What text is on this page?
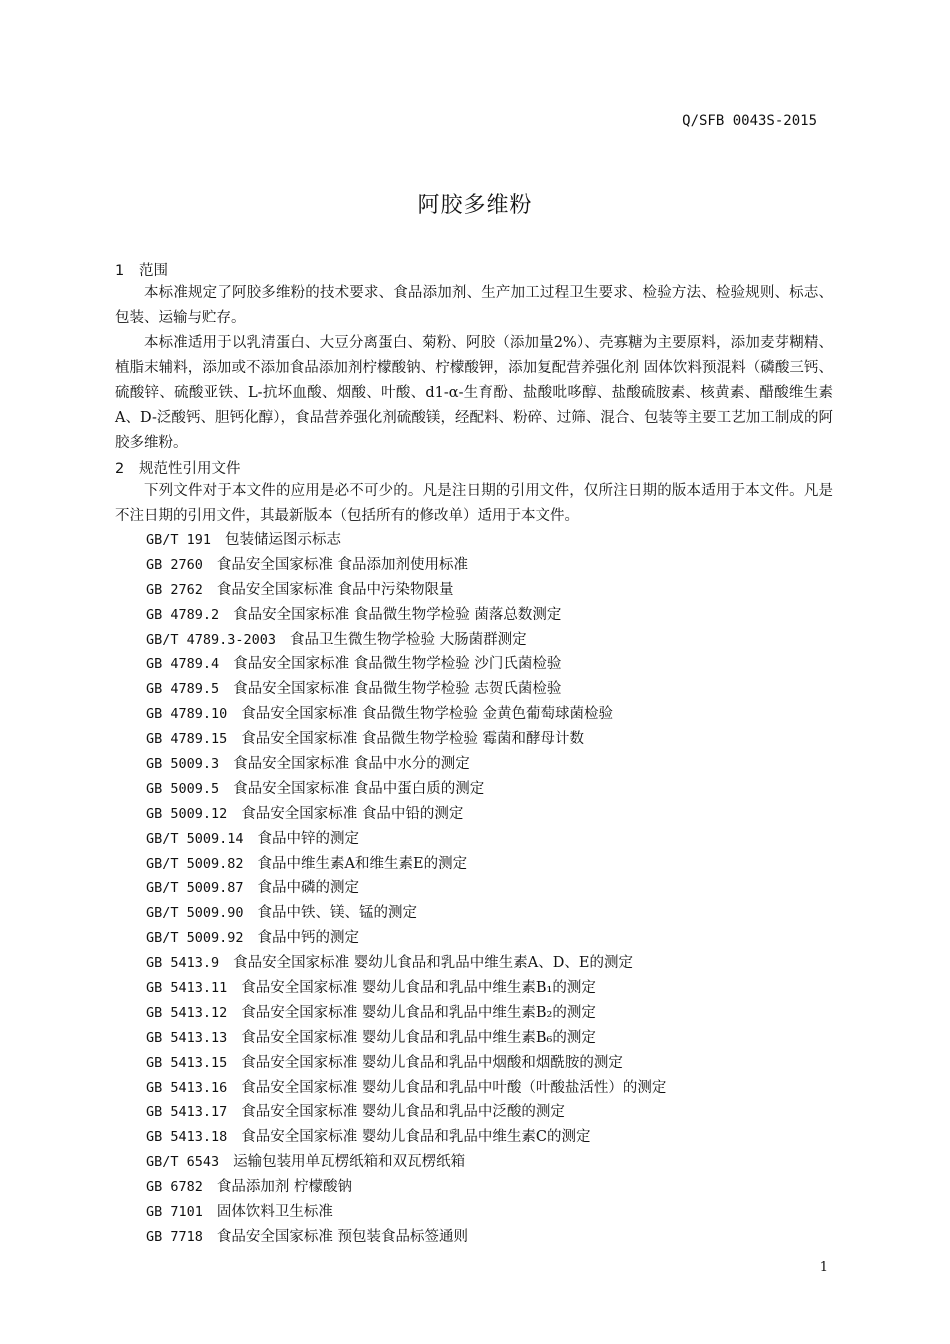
Q/SFB 0043S-2015
阿胶多维粉
1 范围
本标准规定了阿胶多维粉的技术要求、食品添加剂、生产加工过程卫生要求、检验方法、检验规则、标志、包装、运输与贮存。
本标准适用于以乳清蛋白、大豆分离蛋白、菊粉、阿胶（添加量2%）、壳寡糖为主要原料，添加麦芽糊精、植脂末辅料，添加或不添加食品添加剂柠檬酸钠、柠檬酸钾，添加复配营养强化剂 固体饮料预混料（磷酸三钙、硫酸锌、硫酸亚铁、L-抗坏血酸、烟酸、叶酸、d1-α-生育酚、盐酸吡哆醇、盐酸硫胺素、核黄素、醋酸维生素A、D-泛酸钙、胆钙化醇），食品营养强化剂硫酸镁，经配料、粉碎、过筛、混合、包装等主要工艺加工制成的阿胶多维粉。
2 规范性引用文件
下列文件对于本文件的应用是必不可少的。凡是注日期的引用文件，仅所注日期的版本适用于本文件。凡是不注日期的引用文件，其最新版本（包括所有的修改单）适用于本文件。
GB/T 191 包装储运图示标志
GB 2760 食品安全国家标准 食品添加剂使用标准
GB 2762 食品安全国家标准 食品中污染物限量
GB 4789.2 食品安全国家标准 食品微生物学检验 菌落总数测定
GB/T 4789.3-2003 食品卫生微生物学检验 大肠菌群测定
GB 4789.4 食品安全国家标准 食品微生物学检验 沙门氏菌检验
GB 4789.5 食品安全国家标准 食品微生物学检验 志贺氏菌检验
GB 4789.10 食品安全国家标准 食品微生物学检验 金黄色葡萄球菌检验
GB 4789.15 食品安全国家标准 食品微生物学检验 霉菌和酵母计数
GB 5009.3 食品安全国家标准 食品中水分的测定
GB 5009.5 食品安全国家标准 食品中蛋白质的测定
GB 5009.12 食品安全国家标准 食品中铅的测定
GB/T 5009.14 食品中锌的测定
GB/T 5009.82 食品中维生素A和维生素E的测定
GB/T 5009.87 食品中磷的测定
GB/T 5009.90 食品中铁、镁、锰的测定
GB/T 5009.92 食品中钙的测定
GB 5413.9 食品安全国家标准 婴幼儿食品和乳品中维生素A、D、E的测定
GB 5413.11 食品安全国家标准 婴幼儿食品和乳品中维生素B₁的测定
GB 5413.12 食品安全国家标准 婴幼儿食品和乳品中维生素B₂的测定
GB 5413.13 食品安全国家标准 婴幼儿食品和乳品中维生素B₆的测定
GB 5413.15 食品安全国家标准 婴幼儿食品和乳品中烟酸和烟酰胺的测定
GB 5413.16 食品安全国家标准 婴幼儿食品和乳品中叶酸（叶酸盐活性）的测定
GB 5413.17 食品安全国家标准 婴幼儿食品和乳品中泛酸的测定
GB 5413.18 食品安全国家标准 婴幼儿食品和乳品中维生素C的测定
GB/T 6543 运输包装用单瓦楞纸箱和双瓦楞纸箱
GB 6782 食品添加剂 柠檬酸钠
GB 7101 固体饮料卫生标准
GB 7718 食品安全国家标准 预包装食品标签通则
1
